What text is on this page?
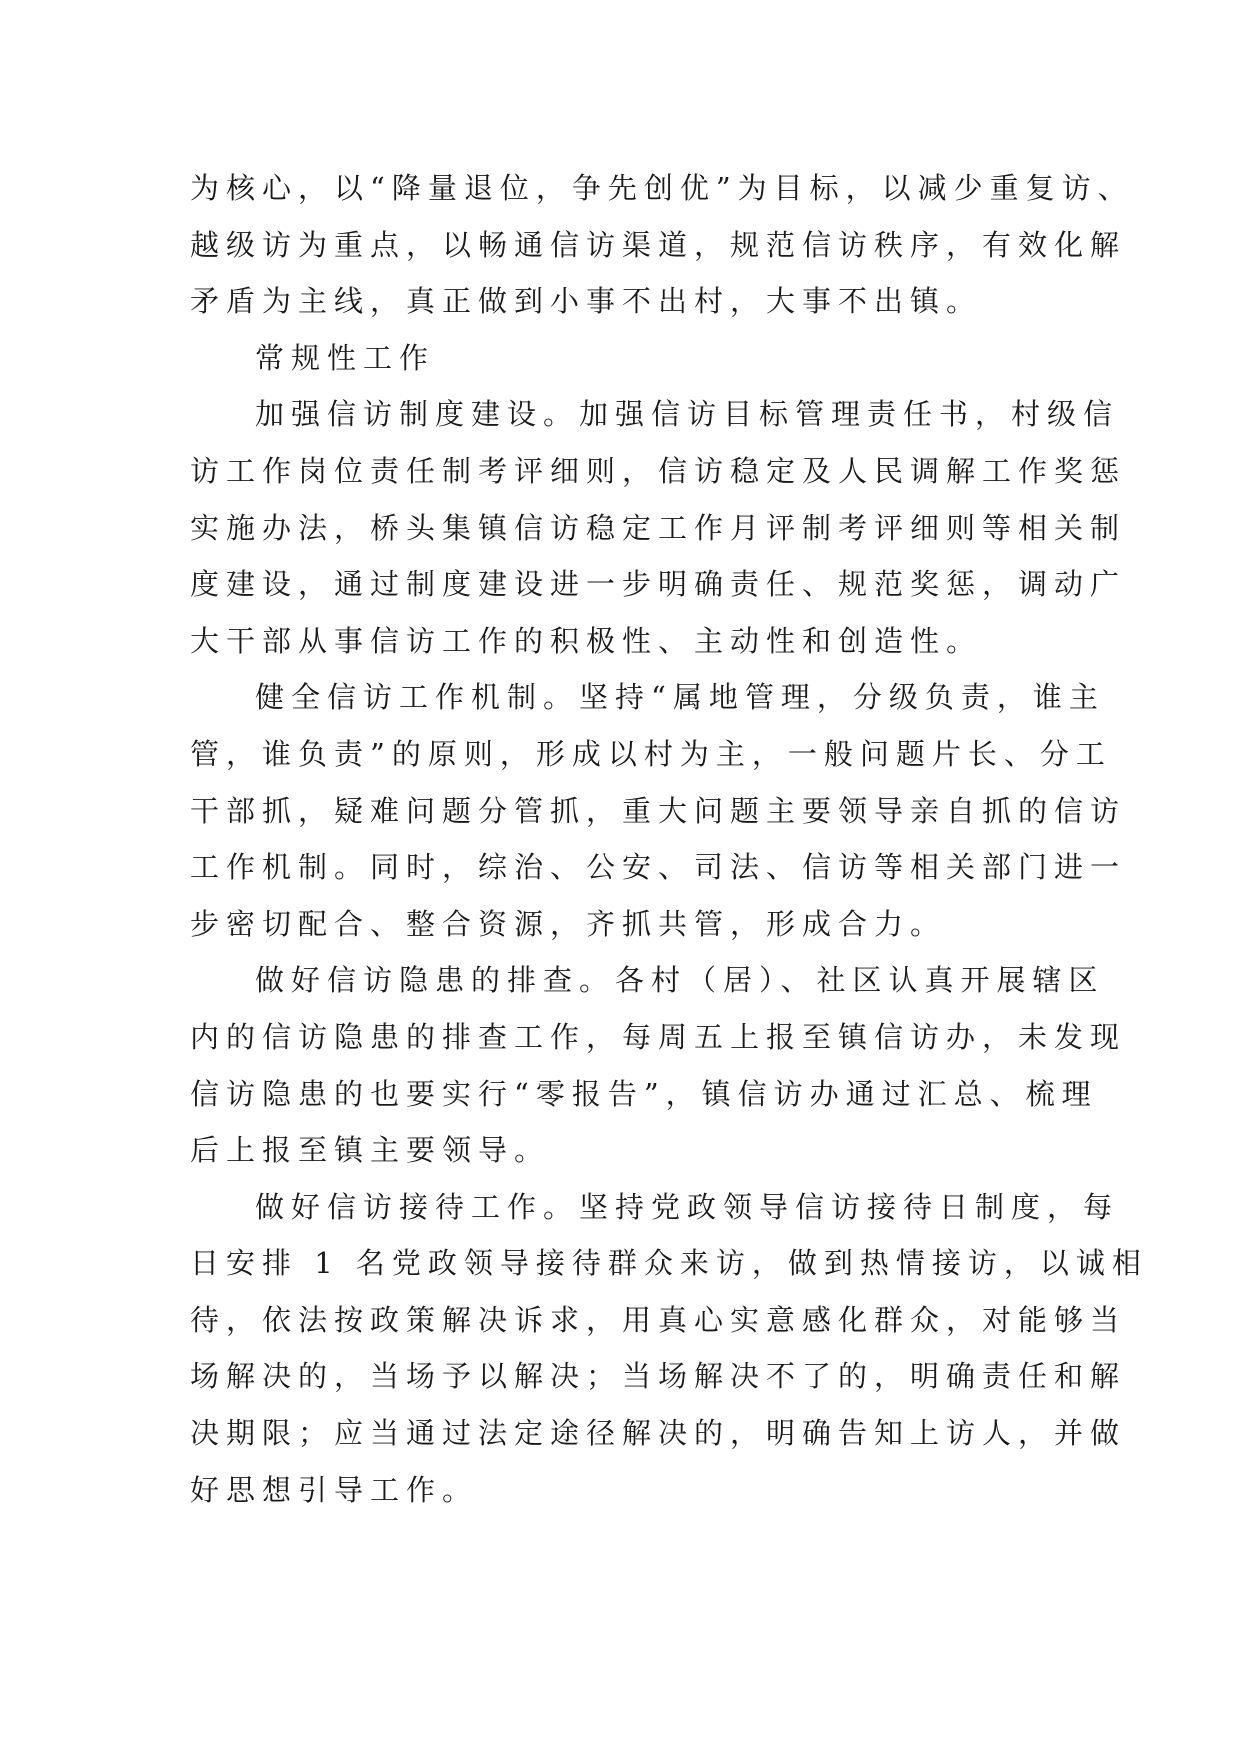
为核心，以“降量退位，争先创优”为目标，以减少重复访、
越级访为重点，以畅通信访渠道，规范信访秩序，有效化解
矛盾为主线，真正做到小事不出村，大事不出镇。
常规性工作
加强信访制度建设。加强信访目标管理责任书，村级信
访工作岗位责任制考评细则，信访稳定及人民调解工作奖惩
实施办法，桥头集镇信访稳定工作月评制考评细则等相关制
度建设，通过制度建设进一步明确责任、规范奖惩，调动广
大干部从事信访工作的积极性、主动性和创造性。
健全信访工作机制。坚持“属地管理，分级负责，谁主
管，谁负责”的原则，形成以村为主，一般问题片长、分工
干部抓，疑难问题分管抓，重大问题主要领导亲自抓的信访
工作机制。同时，综治、公安、司法、信访等相关部门进一
步密切配合、整合资源，齐抓共管，形成合力。
做好信访隐患的排查。各村（居）、社区认真开展辖区
内的信访隐患的排查工作，每周五上报至镇信访办，未发现
信访隐患的也要实行“零报告”，镇信访办通过汇总、梳理
后上报至镇主要领导。
做好信访接待工作。坚持党政领导信访接待日制度，每
日安排 1 名党政领导接待群众来访，做到热情接访，以诚相
待，依法按政策解决诉求，用真心实意感化群众，对能够当
场解决的，当场予以解决；当场解决不了的，明确责任和解
决期限；应当通过法定途径解决的，明确告知上访人，并做
好思想引导工作。
